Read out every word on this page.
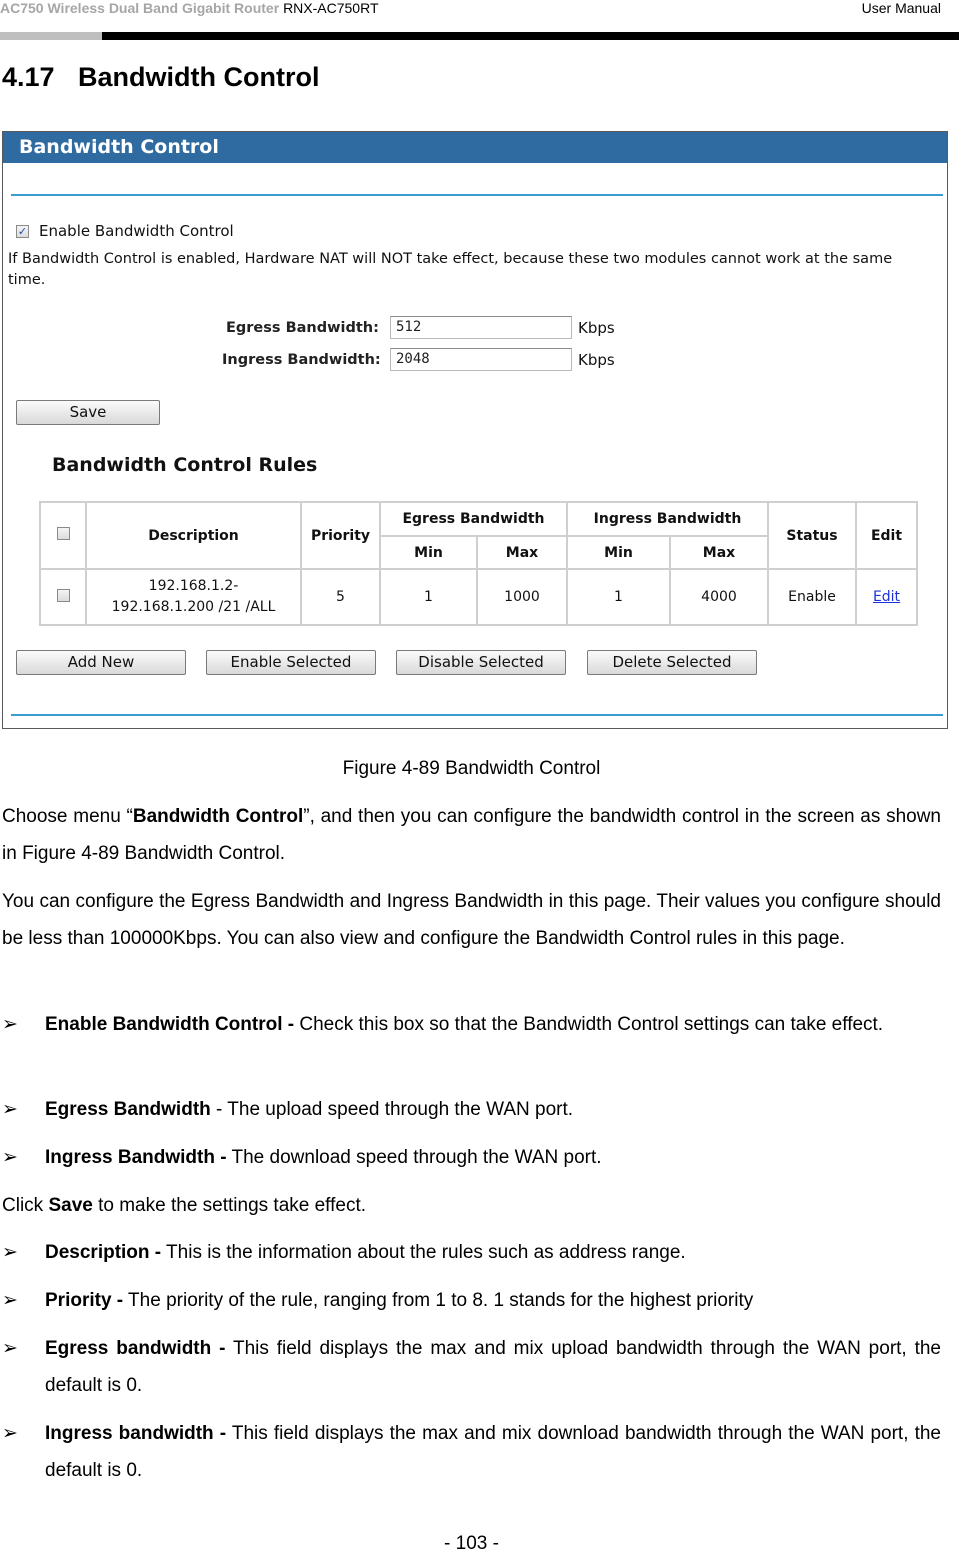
AC750 Wireless Dual Band Gigabit Router RNX-AC750RT	User Manual
4.17 Bandwidth Control
Bandwidth Control
✓ Enable Bandwidth Control
If Bandwidth Control is enabled, Hardware NAT will NOT take effect, because these two modules cannot work at the same
time.
Egress Bandwidth:	512	Kbps
Ingress Bandwidth:	2048	Kbps
Save
Bandwidth Control Rules
	Description	Priority	Egress Bandwidth		Ingress Bandwidth		Status	Edit
			Min	Max	Min	Max		
	192.168.1.2-
192.168.1.200 /21 /ALL	5	1	1000	1	4000	Enable	Edit
Add New	Enable Selected	Disable Selected	Delete Selected
Figure 4-89 Bandwidth Control
Choose menu “Bandwidth Control”, and then you can configure the bandwidth control in the screen as shown in Figure 4-89 Bandwidth Control.
You can configure the Egress Bandwidth and Ingress Bandwidth in this page. Their values you configure should be less than 100000Kbps. You can also view and configure the Bandwidth Control rules in this page.
➢ Enable Bandwidth Control - Check this box so that the Bandwidth Control settings can take effect.
➢ Egress Bandwidth - The upload speed through the WAN port.
➢ Ingress Bandwidth - The download speed through the WAN port.
Click Save to make the settings take effect.
➢ Description - This is the information about the rules such as address range.
➢ Priority - The priority of the rule, ranging from 1 to 8. 1 stands for the highest priority
➢ Egress bandwidth - This field displays the max and mix upload bandwidth through the WAN port, the default is 0.
➢ Ingress bandwidth - This field displays the max and mix download bandwidth through the WAN port, the default is 0.
- 103 -
